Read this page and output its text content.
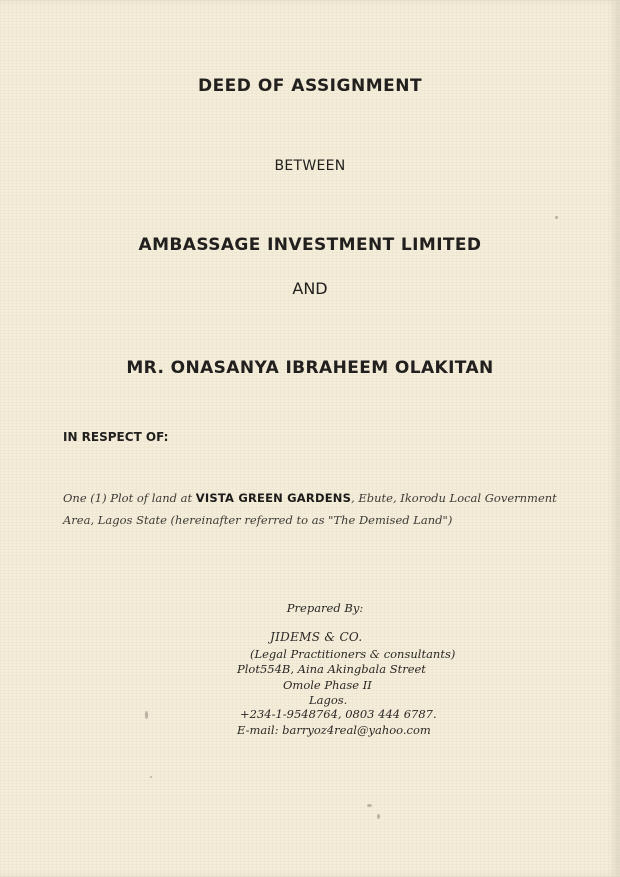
DEED OF ASSIGNMENT
BETWEEN
AMBASSAGE INVESTMENT LIMITED
AND
MR. ONASANYA IBRAHEEM OLAKITAN
IN RESPECT OF:
One (1) Plot of land at VISTA GREEN GARDENS, Ebute, Ikorodu Local Government Area, Lagos State (hereinafter referred to as "The Demised Land")
Prepared By:
JIDEMS & CO.
(Legal Practitioners & consultants)
Plot554B, Aina Akingbala Street
Omole Phase II
Lagos.
+234-1-9548764, 0803 444 6787.
E-mail: barryoz4real@yahoo.com
